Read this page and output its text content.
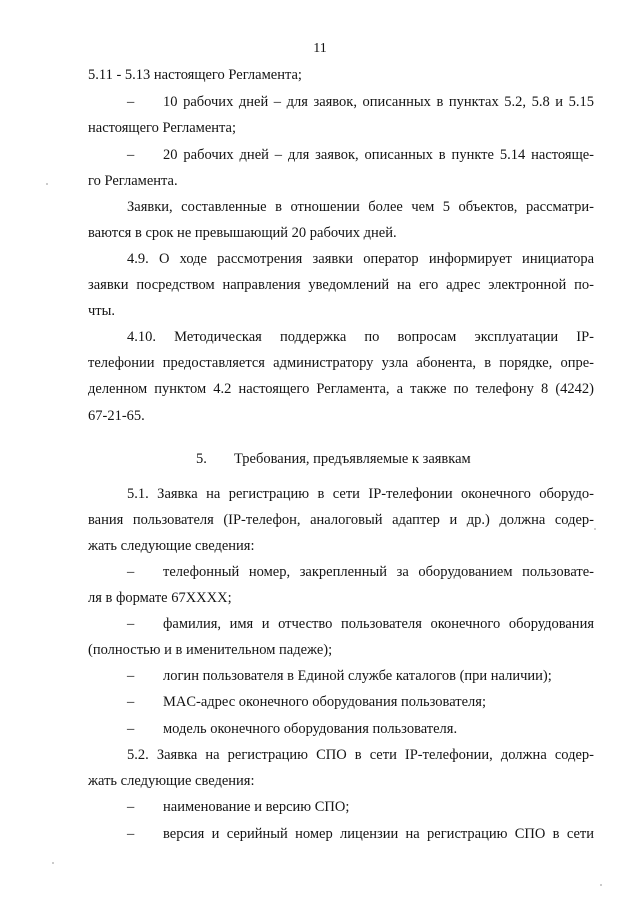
11
5.11 - 5.13 настоящего Регламента;
– 10 рабочих дней – для заявок, описанных в пунктах 5.2, 5.8 и 5.15
настоящего Регламента;
– 20 рабочих дней – для заявок, описанных в пункте 5.14 настояще-
го Регламента.
Заявки, составленные в отношении более чем 5 объектов, рассматри-
ваются в срок не превышающий 20 рабочих дней.
4.9. О ходе рассмотрения заявки оператор информирует инициатора
заявки посредством направления уведомлений на его адрес электронной по-
чты.
4.10. Методическая поддержка по вопросам эксплуатации IP-
телефонии предоставляется администратору узла абонента, в порядке, опре-
деленном пунктом 4.2 настоящего Регламента, а также по телефону 8 (4242)
67-21-65.
5. Требования, предъявляемые к заявкам
5.1. Заявка на регистрацию в сети IP-телефонии оконечного оборудо-
вания пользователя (IP-телефон, аналоговый адаптер и др.) должна содер-
жать следующие сведения:
– телефонный номер, закрепленный за оборудованием пользовате-
ля в формате 67ХХХХ;
– фамилия, имя и отчество пользователя оконечного оборудования
(полностью и в именительном падеже);
– логин пользователя в Единой службе каталогов (при наличии);
– MAC-адрес оконечного оборудования пользователя;
– модель оконечного оборудования пользователя.
5.2. Заявка на регистрацию СПО в сети IP-телефонии, должна содер-
жать следующие сведения:
– наименование и версию СПО;
– версия и серийный номер лицензии на регистрацию СПО в сети
